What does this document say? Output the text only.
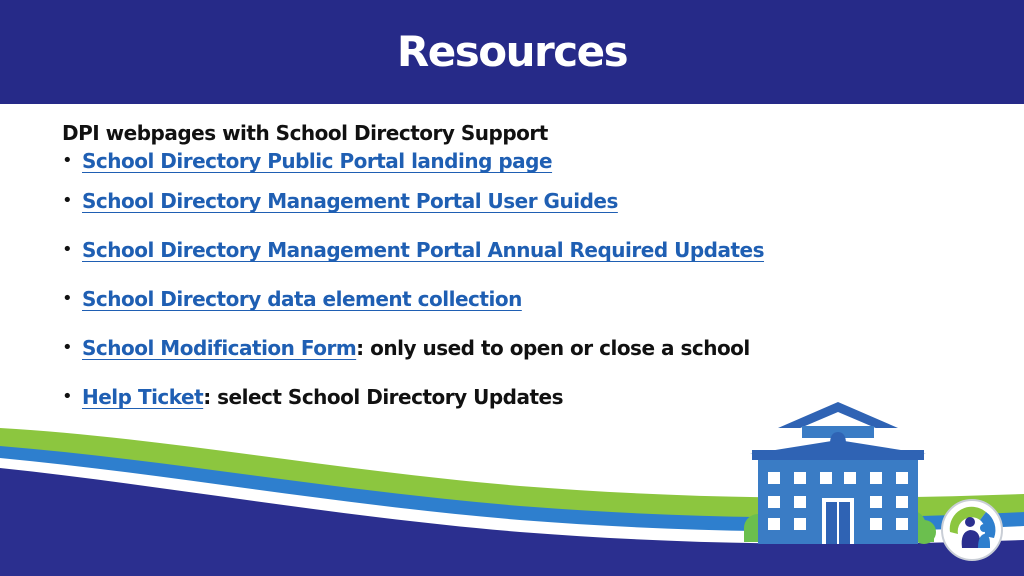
Resources
DPI webpages with School Directory Support
• School Directory Public Portal landing page
• School Directory Management Portal User Guides
• School Directory Management Portal Annual Required Updates
• School Directory data element collection
• School Modification Form: only used to open or close a school
• Help Ticket: select School Directory Updates
